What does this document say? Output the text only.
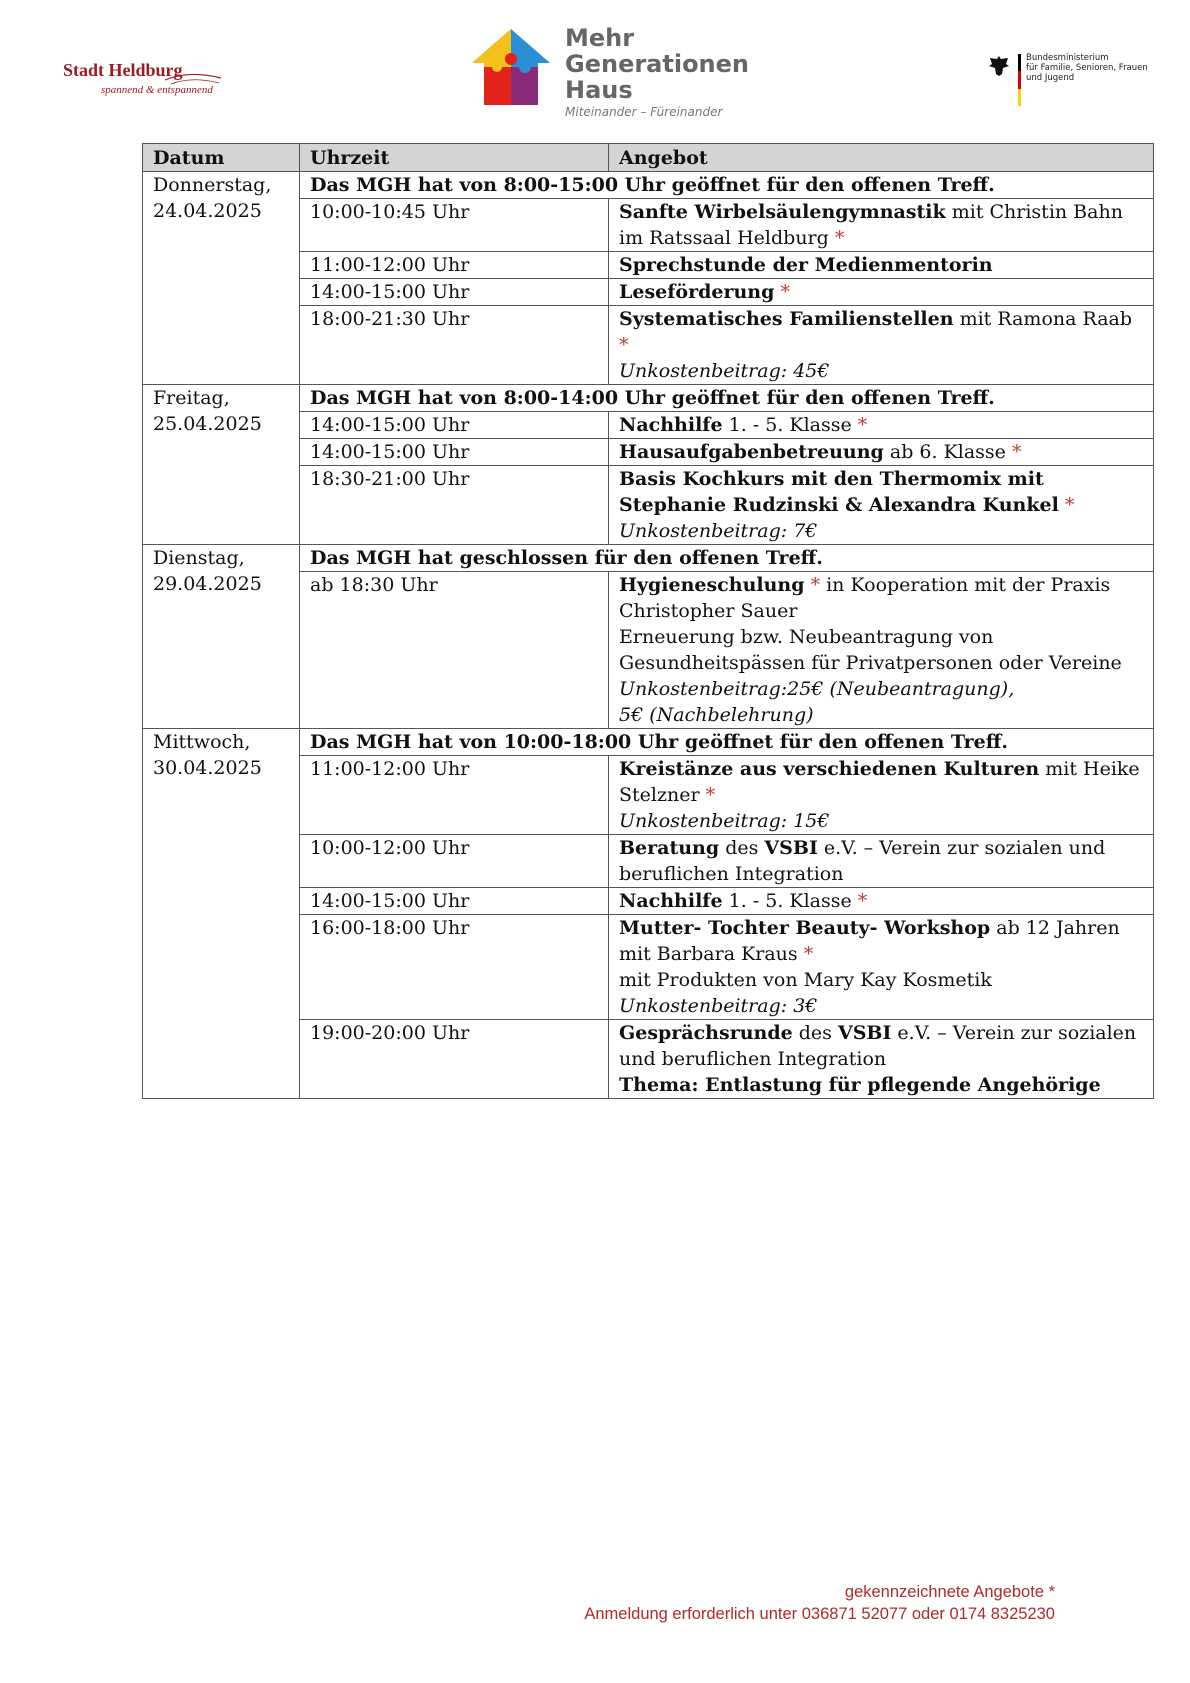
Stadt Heldburg
spannend & entspannend
Mehr
Generationen
Haus
Miteinander – Füreinander
Bundesministerium
für Familie, Senioren, Frauen
und Jugend
Datum	Uhrzeit	Angebot

Donnerstag,
24.04.2025	Das MGH hat von 8:00-15:00 Uhr geöffnet für den offenen Treff.	
	10:00-10:45 Uhr	Sanfte Wirbelsäulengymnastik mit Christin Bahn im Ratssaal Heldburg *
	11:00-12:00 Uhr	Sprechstunde der Medienmentorin
	14:00-15:00 Uhr	Leseförderung *
	18:00-21:30 Uhr	Systematisches Familienstellen mit Ramona Raab *
Unkostenbeitrag: 45€

Freitag,
25.04.2025	Das MGH hat von 8:00-14:00 Uhr geöffnet für den offenen Treff.	
	14:00-15:00 Uhr	Nachhilfe 1. - 5. Klasse *
	14:00-15:00 Uhr	Hausaufgabenbetreuung ab 6. Klasse *
	18:30-21:00 Uhr	Basis Kochkurs mit den Thermomix mit Stephanie Rudzinski & Alexandra Kunkel *
Unkostenbeitrag: 7€

Dienstag,
29.04.2025	Das MGH hat geschlossen für den offenen Treff.	
	ab 18:30 Uhr	Hygieneschulung * in Kooperation mit der Praxis Christopher Sauer
Erneuerung bzw. Neubeantragung von Gesundheitspässen für Privatpersonen oder Vereine
Unkostenbeitrag:25€ (Neubeantragung),
5€ (Nachbelehrung)

Mittwoch,
30.04.2025	Das MGH hat von 10:00-18:00 Uhr geöffnet für den offenen Treff.	
	11:00-12:00 Uhr	Kreistänze aus verschiedenen Kulturen mit Heike Stelzner *
Unkostenbeitrag: 15€

	10:00-12:00 Uhr	Beratung des VSBI e.V. – Verein zur sozialen und beruflichen Integration
	14:00-15:00 Uhr	Nachhilfe 1. - 5. Klasse *
	16:00-18:00 Uhr	Mutter- Tochter Beauty- Workshop ab 12 Jahren mit Barbara Kraus *
mit Produkten von Mary Kay Kosmetik
Unkostenbeitrag: 3€

	19:00-20:00 Uhr	Gesprächsrunde des VSBI e.V. – Verein zur sozialen und beruflichen Integration
Thema: Entlastung für pflegende Angehörige
gekennzeichnete Angebote *
Anmeldung erforderlich unter 036871 52077 oder 0174 8325230
